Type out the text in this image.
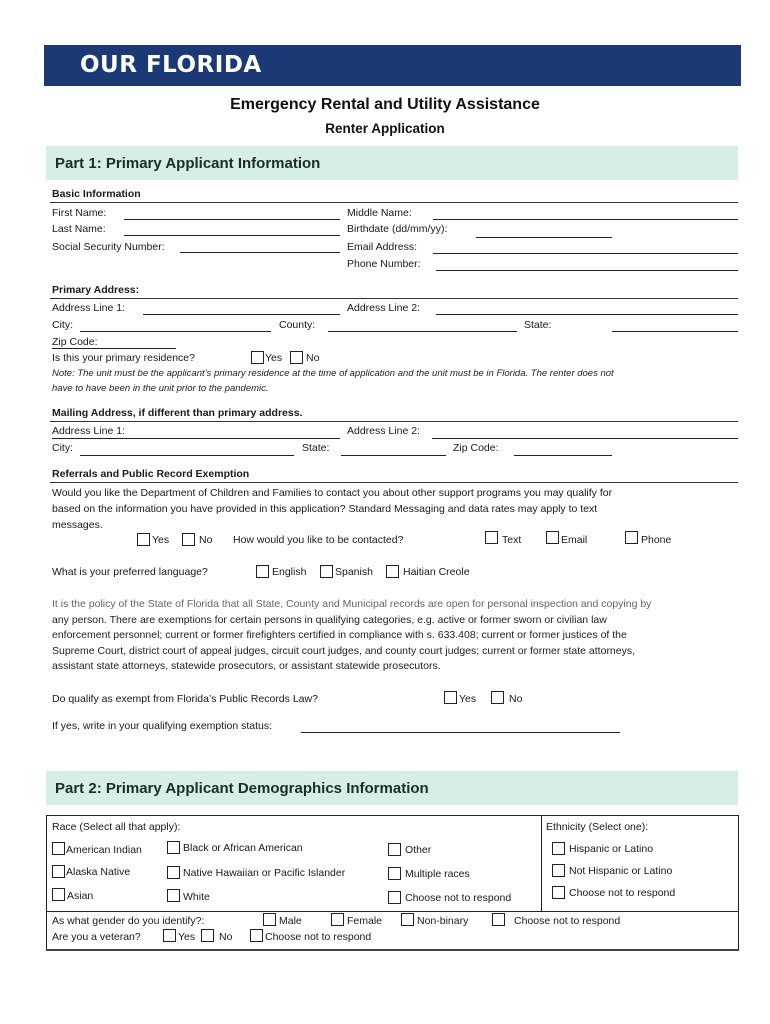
OUR FLORIDA
Emergency Rental and Utility Assistance
Renter Application
Part 1: Primary Applicant Information
Basic Information
First Name:
Last Name:
Social Security Number:
Middle Name:
Birthdate (dd/mm/yy):
Email Address:
Phone Number:
Primary Address:
Address Line 1:	Address Line 2:
City:	County:	State:
Zip Code:
Is this your primary residence?	Yes No
Note: The unit must be the applicant’s primary residence at the time of application and the unit must be in Florida. The renter does not
have to have been in the unit prior to the pandemic.
Mailing Address, if different than primary address.
Address Line 1:	Address Line 2:
City:	State:	Zip Code:
Referrals and Public Record Exemption
Would you like the Department of Children and Families to contact you about other support programs you may qualify for
based on the information you have provided in this application? Standard Messaging and data rates may apply to text
messages.
Yes	No How would you like to be contacted?	Text	Email	Phone
What is your preferred language?	English	Spanish	Haitian Creole
It is the policy of the State of Florida that all State, County and Municipal records are open for personal inspection and copying by
any person. There are exemptions for certain persons in qualifying categories, e.g. active or former sworn or civilian law
enforcement personnel; current or former firefighters certified in compliance with s. 633.408; current or former justices of the
Supreme Court, district court of appeal judges, circuit court judges, and county court judges; current or former state attorneys,
assistant state attorneys, statewide prosecutors, or assistant statewide prosecutors.
Do qualify as exempt from Florida’s Public Records Law?	Yes	No
If yes, write in your qualifying exemption status:
Part 2: Primary Applicant Demographics Information
Race (Select all that apply):	Ethnicity (Select one):
American Indian	Black or African American	Other	Hispanic or Latino
Alaska Native	Native Hawaiian or Pacific Islander	Multiple races	Not Hispanic or Latino
Asian	White	Choose not to respond	Choose not to respond
As what gender do you identify?:	Male	Female	Non-binary	Choose not to respond
Are you a veteran?	Yes No	Choose not to respond
